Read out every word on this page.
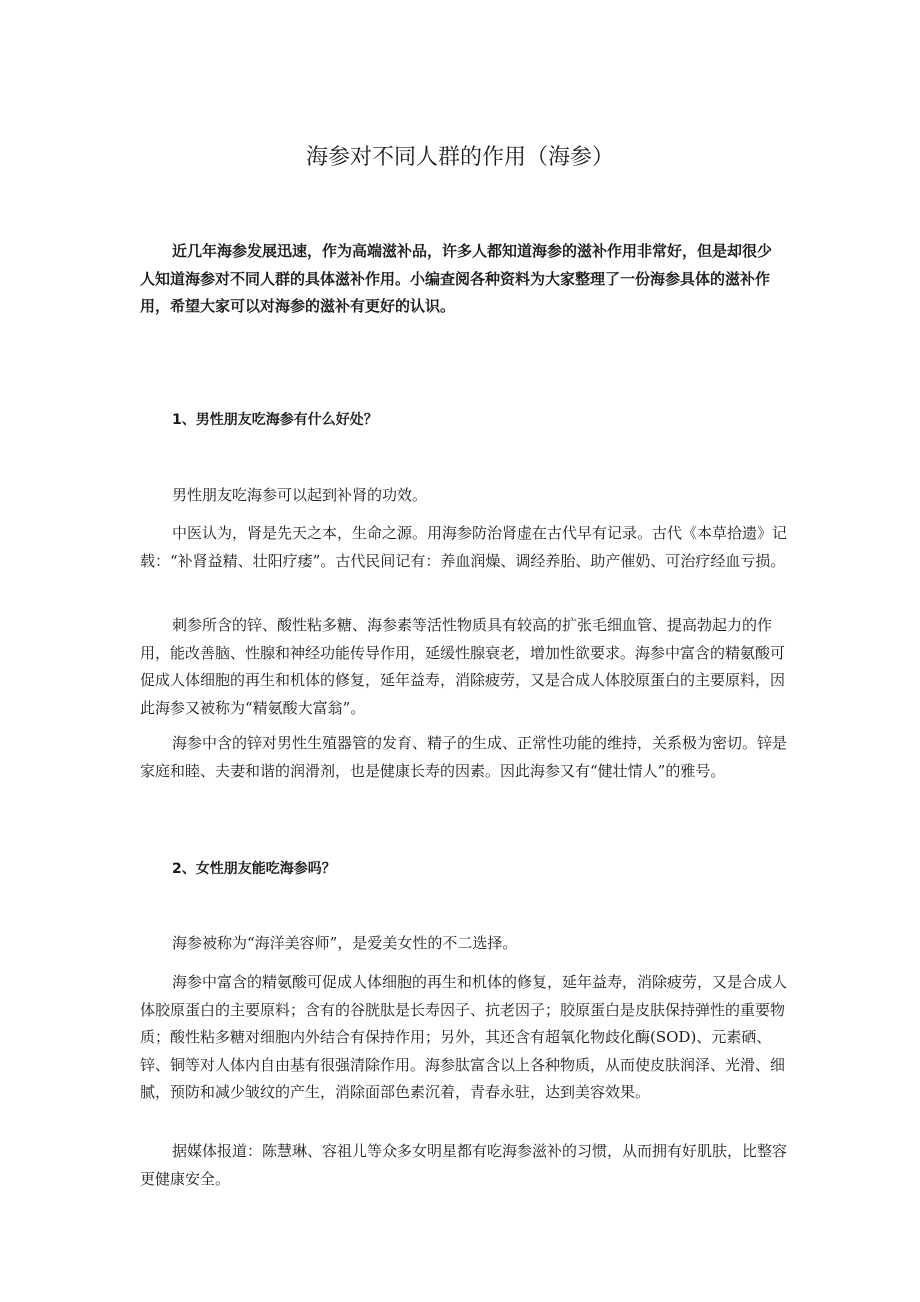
海参对不同人群的作用（海参）

近几年海参发展迅速，作为高端滋补品，许多人都知道海参的滋补作用非常好，但是却很少人知道海参对不同人群的具体滋补作用。小编查阅各种资料为大家整理了一份海参具体的滋补作用，希望大家可以对海参的滋补有更好的认识。

1、男性朋友吃海参有什么好处？

男性朋友吃海参可以起到补肾的功效。

中医认为，肾是先天之本，生命之源。用海参防治肾虚在古代早有记录。古代《本草拾遗》记载：“补肾益精、壮阳疗痿”。古代民间记有：养血润燥、调经养胎、助产催奶、可治疗经血亏损。

刺参所含的锌、酸性粘多糖、海参素等活性物质具有较高的扩张毛细血管、提高勃起力的作用，能改善脑、性腺和神经功能传导作用，延缓性腺衰老，增加性欲要求。海参中富含的精氨酸可促成人体细胞的再生和机体的修复，延年益寿，消除疲劳，又是合成人体胶原蛋白的主要原料，因此海参又被称为“精氨酸大富翁”。

海参中含的锌对男性生殖器管的发育、精子的生成、正常性功能的维持，关系极为密切。锌是家庭和睦、夫妻和谐的润滑剂，也是健康长寿的因素。因此海参又有“健壮情人”的雅号。

2、女性朋友能吃海参吗？

海参被称为“海洋美容师”，是爱美女性的不二选择。

海参中富含的精氨酸可促成人体细胞的再生和机体的修复，延年益寿，消除疲劳，又是合成人体胶原蛋白的主要原料；含有的谷胱肽是长寿因子、抗老因子；胶原蛋白是皮肤保持弹性的重要物质；酸性粘多糖对细胞内外结合有保持作用；另外，其还含有超氧化物歧化酶(SOD)、元素硒、锌、铜等对人体内自由基有很强清除作用。海参肽富含以上各种物质，从而使皮肤润泽、光滑、细腻，预防和减少皱纹的产生，消除面部色素沉着，青春永驻，达到美容效果。

据媒体报道：陈慧琳、容祖儿等众多女明星都有吃海参滋补的习惯，从而拥有好肌肤，比整容更健康安全。
